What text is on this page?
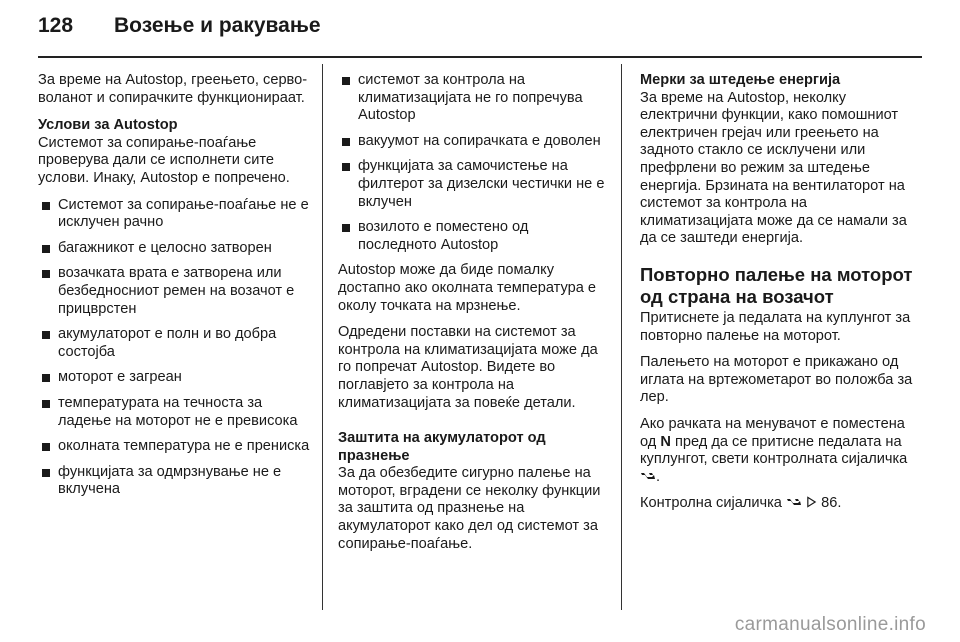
128	Возење и ракување

За време на Autostop, греењето, серво-воланот и сопирачките функционираат.

Услови за Autostop

Системот за сопирање-поаѓање проверува дали се исполнети сите услови. Инаку, Autostop е попречено.

Системот за сопирање-поаѓање не е исклучен рачно
багажникот е целосно затворен
возачката врата е затворена или безбедносниот ремен на возачот е прицврстен
акумулаторот е полн и во добра состојба
моторот е загреан
температурата на течноста за ладење на моторот не е превисока
околната температура не е прениска
функцијата за одмрзнување не е вклучена
системот за контрола на климатизацијата не го попречува Autostop
вакуумот на сопирачката е доволен
функцијата за самочистење на филтерот за дизелски честички не е вклучен
возилото е поместено од последното Autostop

Autostop може да биде помалку достапно ако околната температура е околу точката на мрзнење.

Одредени поставки на системот за контрола на климатизацијата може да го попречат Autostop. Видете во поглавјето за контрола на климатизацијата за повеќе детали.

Заштита на акумулаторот од празнење

За да обезбедите сигурно палење на моторот, вградени се неколку функции за заштита од празнење на акумулаторот како дел од системот за сопирање-поаѓање.

Мерки за штедење енергија

За време на Autostop, неколку електрични функции, како помошниот електричен грејач или греењето на задното стакло се исклучени или префрлени во режим за штедење енергија. Брзината на вентилаторот на системот за контрола на климатизацијата може да се намали за да се заштеди енергија.

Повторно палење на моторот од страна на возачот

Притиснете ја педалата на куплунгот за повторно палење на моторот.

Палењето на моторот е прикажано од иглата на вртежометарот во положба за лер.

Ако рачката на менувачот е поместена од N пред да се притисне педалата на куплунгот, свети контролната сијаличка .

Контролна сијаличка	86.

carmanualsonline.info
